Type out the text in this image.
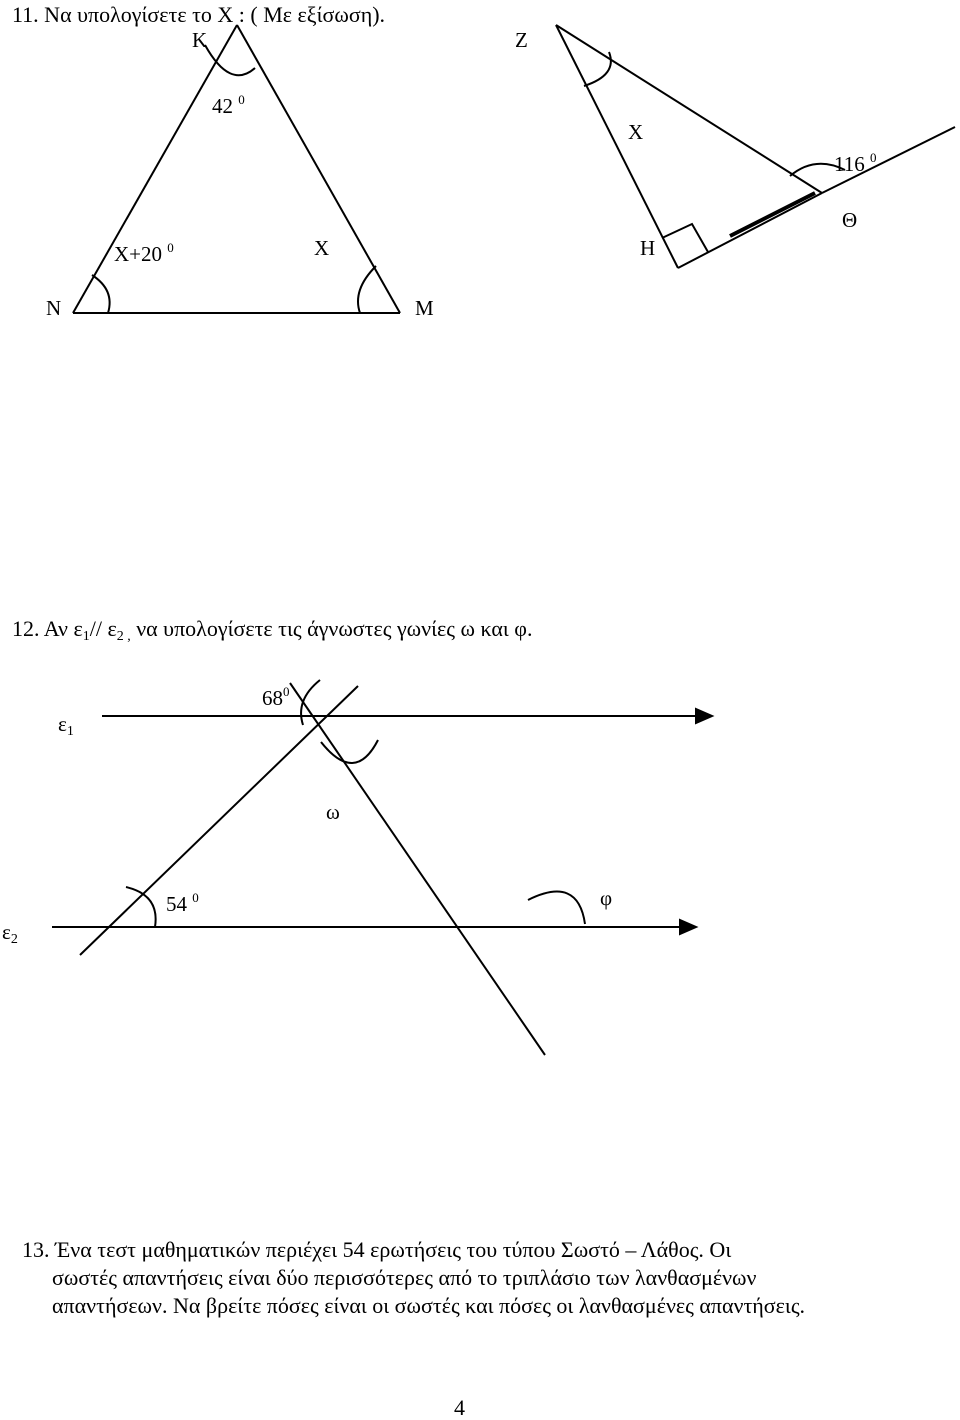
11. Να υπολογίσετε το Χ : ( Με εξίσωση).
Κ
42 $^0$
Χ+20 $^0$	Χ
Ν	Μ
Ζ
Χ
116 $^0$
Θ
Η
12. Αν $\varepsilon_1//$ $\varepsilon_{2 ,}$ να υπολογίσετε τις άγνωστες γωνίες ω και φ.
$\varepsilon_1$
$68^0$
ω
54 $^0$	φ
$\varepsilon_2$
13. Ένα τεστ μαθηματικών περιέχει 54 ερωτήσεις του τύπου Σωστό – Λάθος. Οι
σωστές απαντήσεις είναι δύο περισσότερες από το τριπλάσιο των λανθασμένων
απαντήσεων. Να βρείτε πόσες είναι οι σωστές και πόσες οι λανθασμένες απαντήσεις.
4
